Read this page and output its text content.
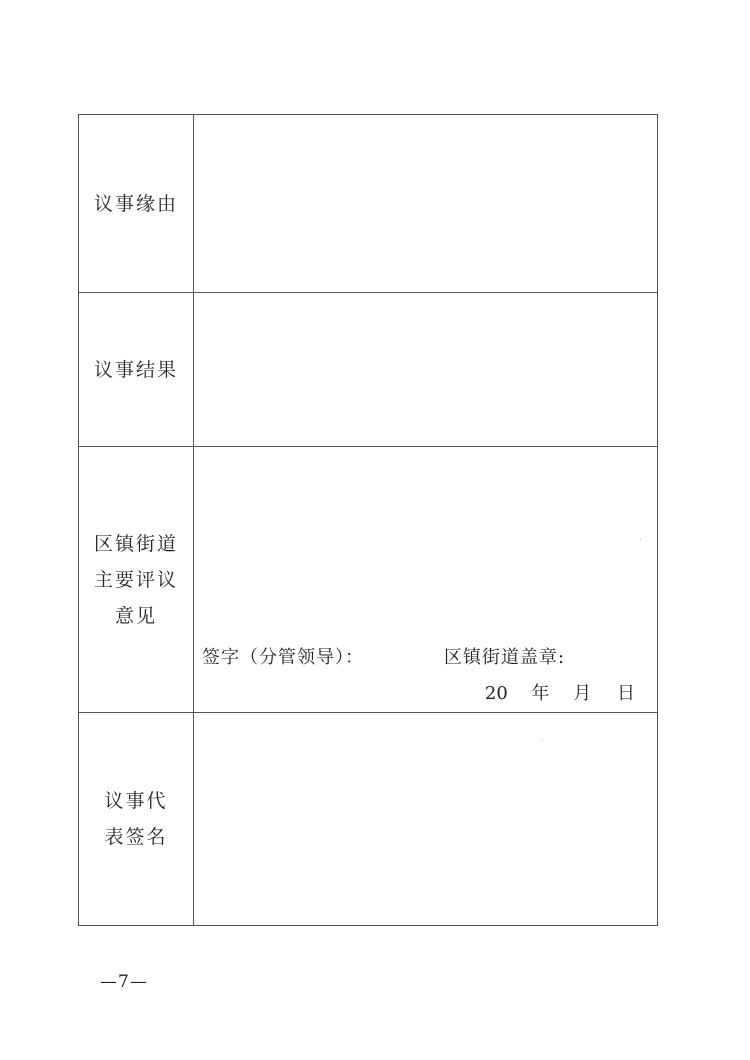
议事缘由	

议事结果	

区镇街道
主要评议
意见	签字（分管领导）： 区镇街道盖章:
20 年 月 日

议事代
表签名	

—7—
